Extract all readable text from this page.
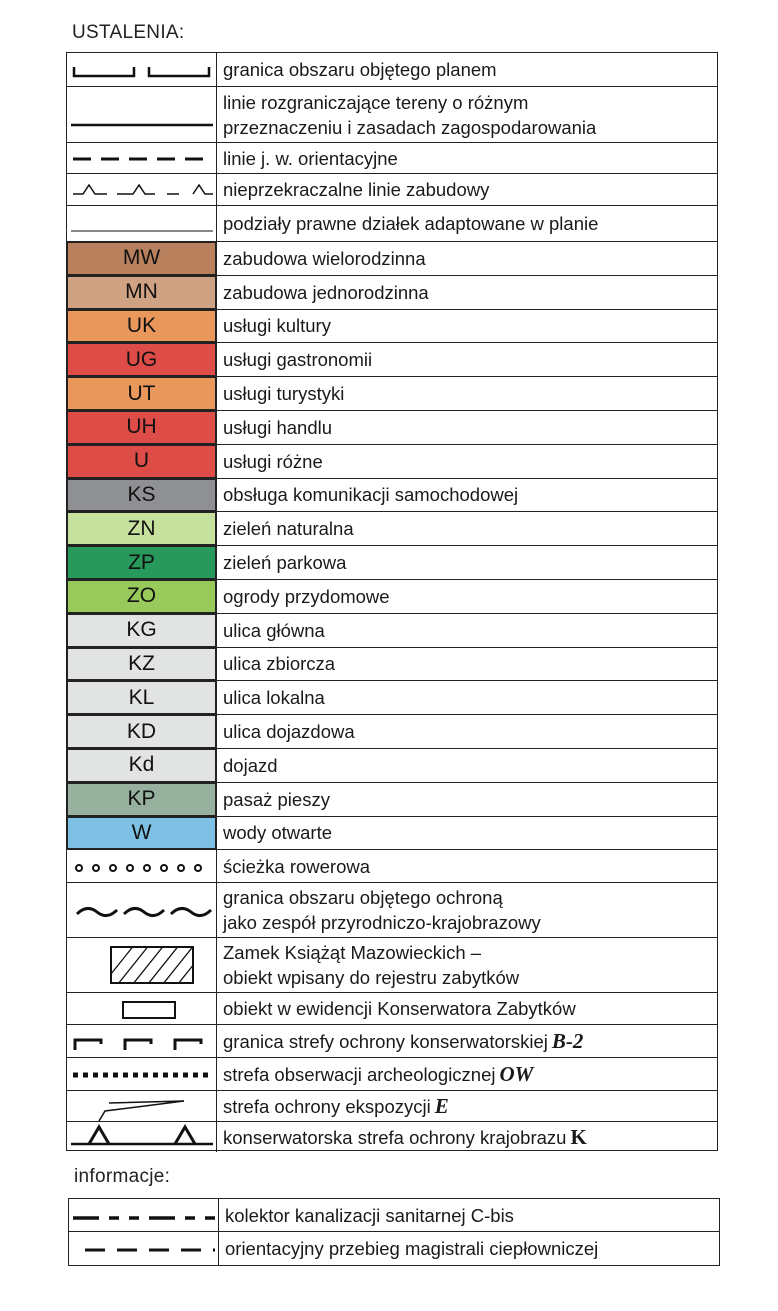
USTALENIA:
granica obszaru objętego planem
linie rozgraniczające tereny o różnym
przeznaczeniu i zasadach zagospodarowania
linie j. w. orientacyjne
nieprzekraczalne linie zabudowy
podziały prawne działek adaptowane w planie
MW	zabudowa wielorodzinna
MN	zabudowa jednorodzinna
UK	usługi kultury
UG	usługi gastronomii
UT	usługi turystyki
UH	usługi handlu
U	usługi różne
KS	obsługa komunikacji samochodowej
ZN	zieleń naturalna
ZP	zieleń parkowa
ZO	ogrody przydomowe
KG	ulica główna
KZ	ulica zbiorcza
KL	ulica lokalna
KD	ulica dojazdowa
Kd	dojazd
KP	pasaż pieszy
W	wody otwarte
ścieżka rowerowa
granica obszaru objętego ochroną
jako zespół przyrodniczo-krajobrazowy
Zamek Książąt Mazowieckich –
obiekt wpisany do rejestru zabytków
obiekt w ewidencji Konserwatora Zabytków
granica strefy ochrony konserwatorskiej B-2
strefa obserwacji archeologicznej OW
strefa ochrony ekspozycji E
konserwatorska strefa ochrony krajobrazu K
informacje:
kolektor kanalizacji sanitarnej C-bis
orientacyjny przebieg magistrali ciepłowniczej
